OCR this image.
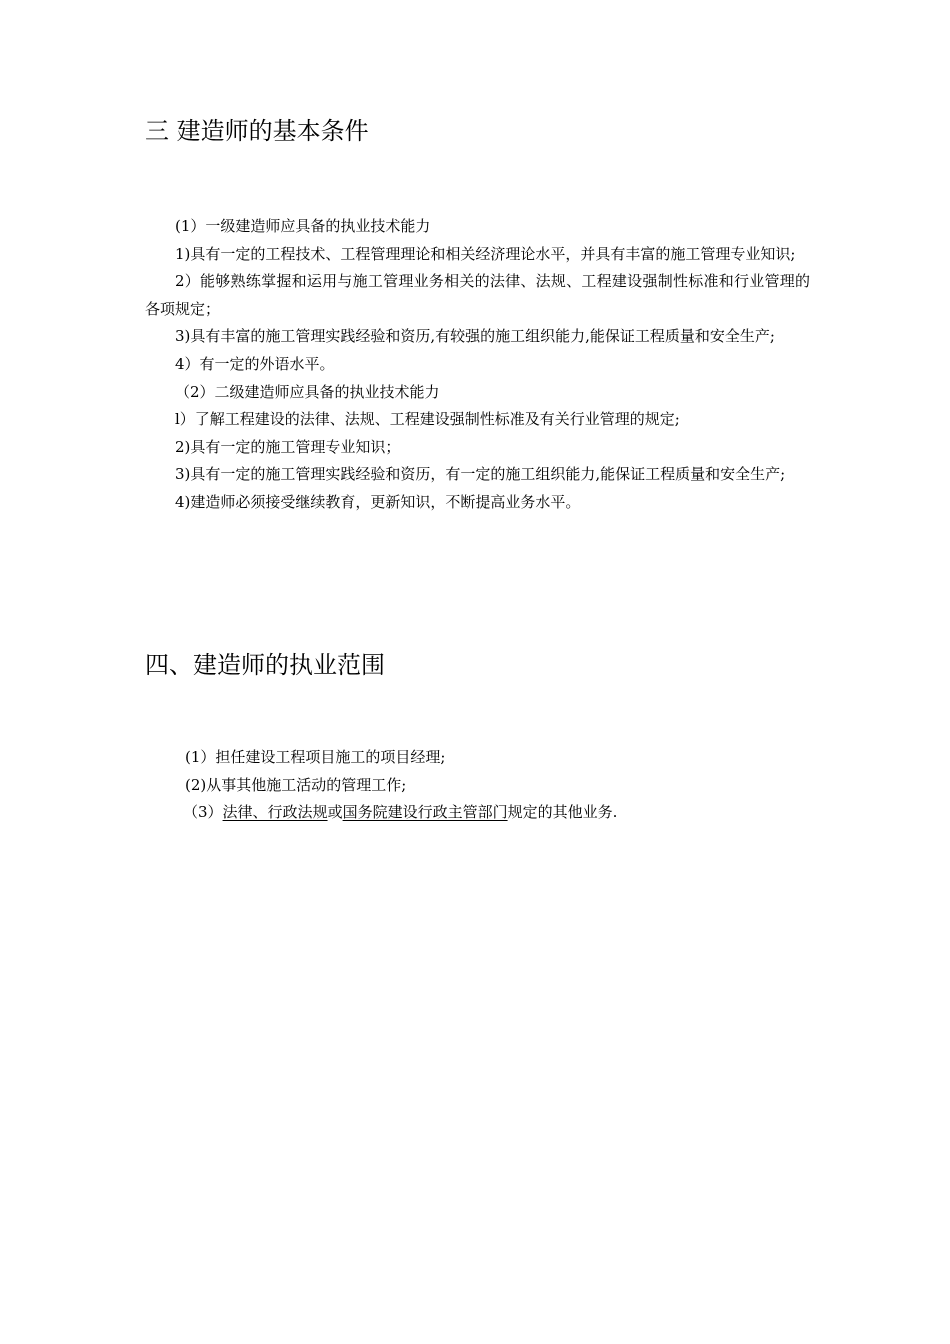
三 建造师的基本条件

(1）一级建造师应具备的执业技术能力

1)具有一定的工程技术、工程管理理论和相关经济理论水平，并具有丰富的施工管理专业知识;

2）能够熟练掌握和运用与施工管理业务相关的法律、法规、工程建设强制性标准和行业管理的各项规定；

3)具有丰富的施工管理实践经验和资历,有较强的施工组织能力,能保证工程质量和安全生产;

4）有一定的外语水平。

（2）二级建造师应具备的执业技术能力

l）了解工程建设的法律、法规、工程建设强制性标准及有关行业管理的规定;

2)具有一定的施工管理专业知识；

3)具有一定的施工管理实践经验和资历，有一定的施工组织能力,能保证工程质量和安全生产;

4)建造师必须接受继续教育，更新知识，不断提高业务水平。

四、建造师的执业范围

(1）担任建设工程项目施工的项目经理;

(2)从事其他施工活动的管理工作;

（3）法律、行政法规或国务院建设行政主管部门规定的其他业务.
